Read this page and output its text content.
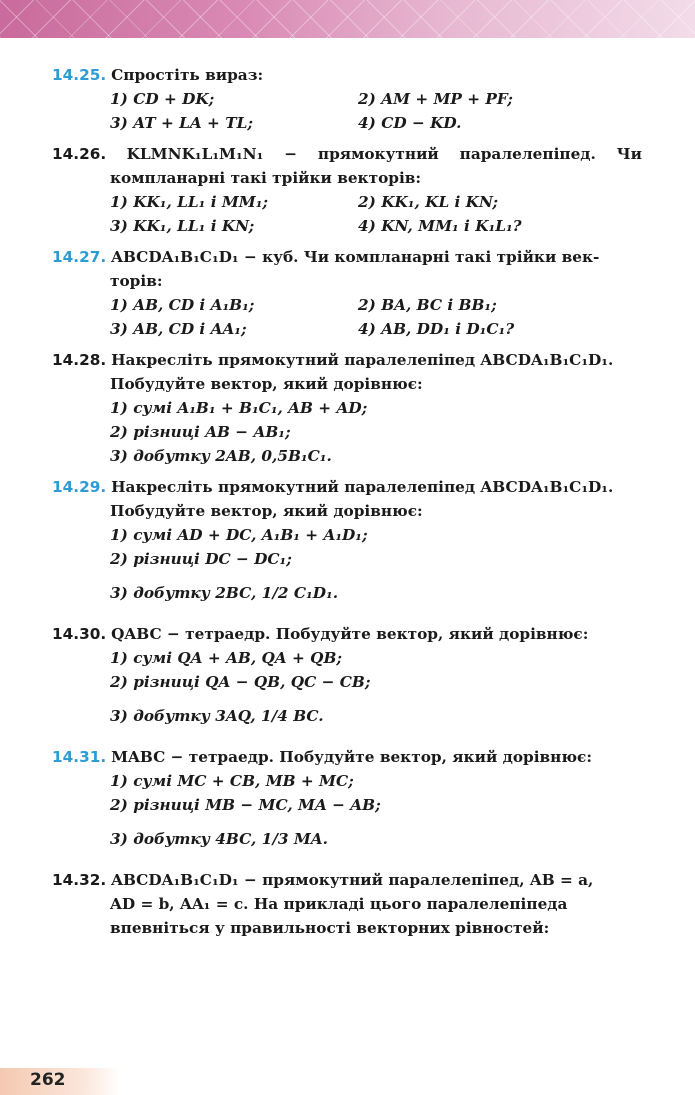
14.25. Спростіть вираз:
1) CD + DK;	2) AM + MP + PF;
3) AT + LA + TL;	4) CD − KD.
14.26. KLMNK₁L₁M₁N₁ − прямокутний паралелепіпед. Чи
компланарні такі трійки векторів:
1) KK₁, LL₁ і MM₁;	2) KK₁, KL і KN;
3) KK₁, LL₁ і KN;	4) KN, MM₁ і K₁L₁?
14.27. ABCDA₁B₁C₁D₁ − куб. Чи компланарні такі трійки век-
торів:
1) AB, CD і A₁B₁;	2) BA, BC і BB₁;
3) AB, CD і AA₁;	4) AB, DD₁ і D₁C₁?
14.28. Накресліть прямокутний паралелепіпед ABCDA₁B₁C₁D₁.
Побудуйте вектор, який дорівнює:
1) сумі A₁B₁ + B₁C₁, AB + AD;
2) різниці AB − AB₁;
3) добутку 2AB, 0,5B₁C₁.
14.29. Накресліть прямокутний паралелепіпед ABCDA₁B₁C₁D₁.
Побудуйте вектор, який дорівнює:
1) сумі AD + DC, A₁B₁ + A₁D₁;
2) різниці DC − DC₁;
3) добутку 2BC, 1/2 C₁D₁.
14.30. QABC − тетраедр. Побудуйте вектор, який дорівнює:
1) сумі QA + AB, QA + QB;
2) різниці QA − QB, QC − CB;
3) добутку 3AQ, 1/4 BC.
14.31. MABC − тетраедр. Побудуйте вектор, який дорівнює:
1) сумі MC + CB, MB + MC;
2) різниці MB − MC, MA − AB;
3) добутку 4BC, 1/3 MA.
14.32. ABCDA₁B₁C₁D₁ − прямокутний паралелепіпед, AB = a,
AD = b, AA₁ = c. На прикладі цього паралелепіпеда
впевніться у правильності векторних рівностей:
262
